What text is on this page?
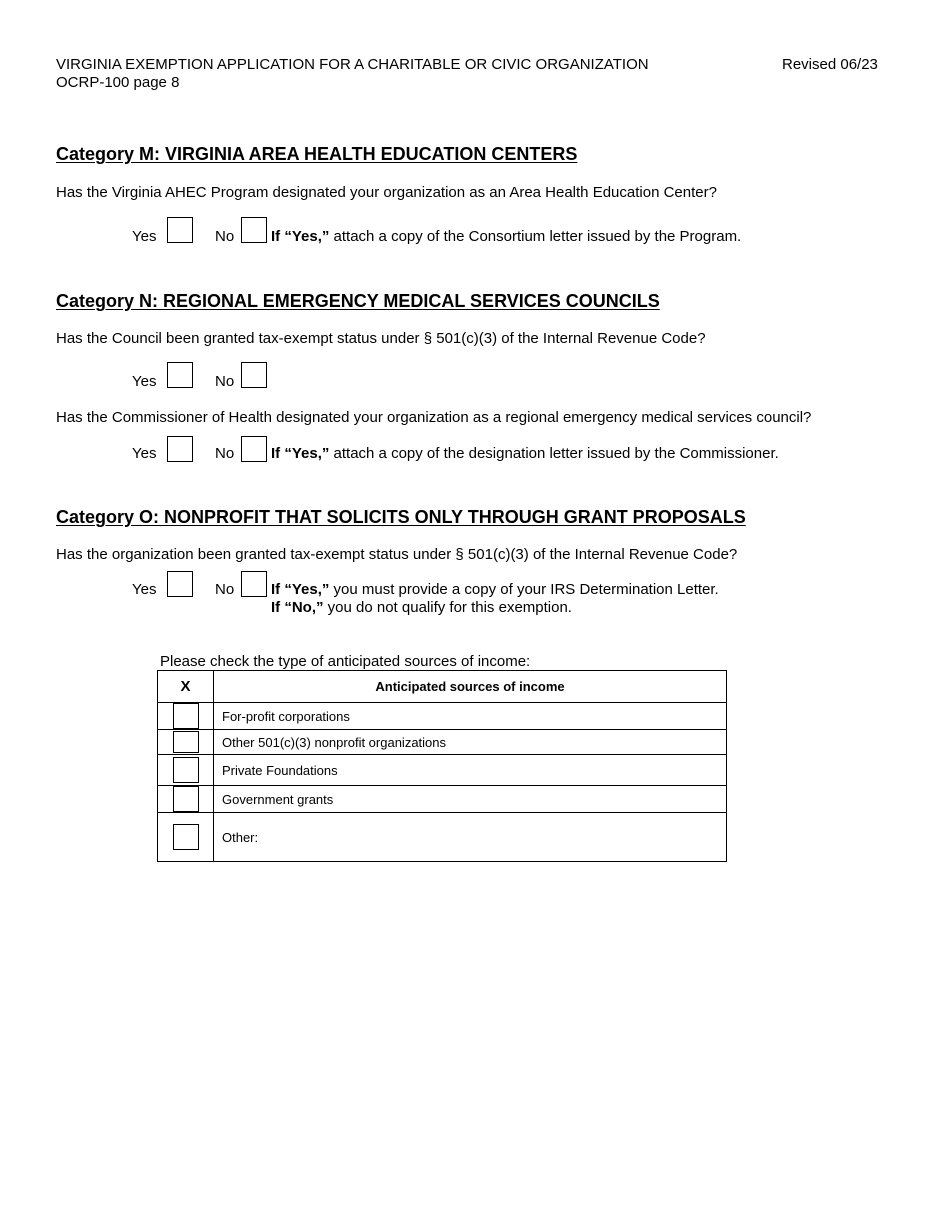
VIRGINIA EXEMPTION APPLICATION FOR A CHARITABLE OR CIVIC ORGANIZATION
OCRP-100 page 8
Revised 06/23
Category M: VIRGINIA AREA HEALTH EDUCATION CENTERS
Has the Virginia AHEC Program designated your organization as an Area Health Education Center?
Yes	No If “Yes,” attach a copy of the Consortium letter issued by the Program.
Category N: REGIONAL EMERGENCY MEDICAL SERVICES COUNCILS
Has the Council been granted tax-exempt status under § 501(c)(3) of the Internal Revenue Code?
Yes	No
Has the Commissioner of Health designated your organization as a regional emergency medical services council?
Yes	No If “Yes,” attach a copy of the designation letter issued by the Commissioner.
Category O: NONPROFIT THAT SOLICITS ONLY THROUGH GRANT PROPOSALS
Has the organization been granted tax-exempt status under § 501(c)(3) of the Internal Revenue Code?
Yes	No If “Yes,” you must provide a copy of your IRS Determination Letter.
If “No,” you do not qualify for this exemption.
Please check the type of anticipated sources of income:
X	Anticipated sources of income
	For-profit corporations
	Other 501(c)(3) nonprofit organizations
	Private Foundations
	Government grants
	Other:
